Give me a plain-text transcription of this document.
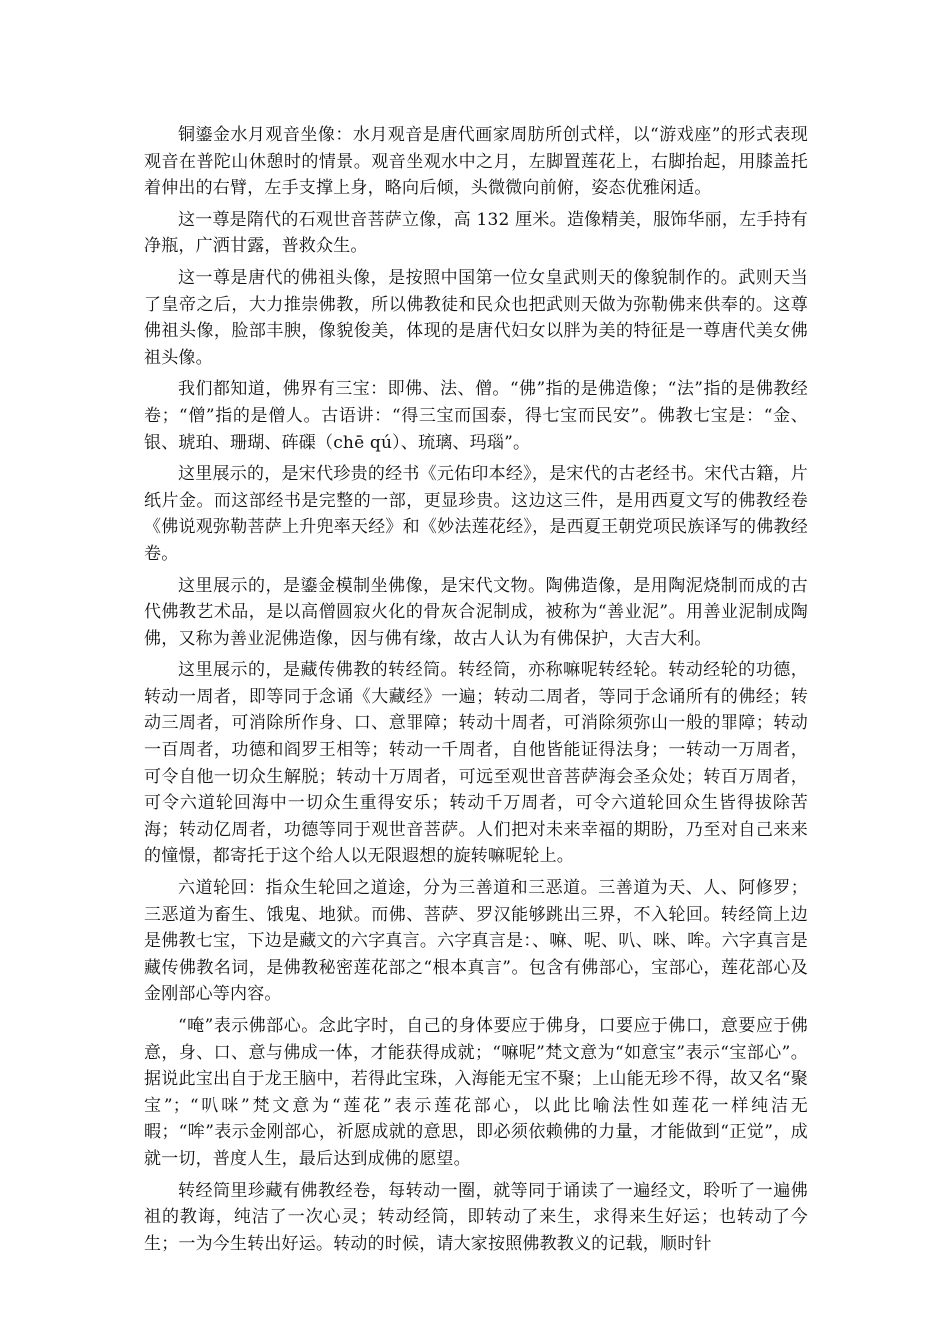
铜鎏金水月观音坐像：水月观音是唐代画家周肪所创式样，以“游戏座”的形式表现观音在普陀山休憩时的情景。观音坐观水中之月，左脚置莲花上，右脚抬起，用膝盖托着伸出的右臂，左手支撑上身，略向后倾，头微微向前俯，姿态优雅闲适。

这一尊是隋代的石观世音菩萨立像，高 132 厘米。造像精美，服饰华丽，左手持有净瓶，广洒甘露，普救众生。

这一尊是唐代的佛祖头像，是按照中国第一位女皇武则天的像貌制作的。武则天当了皇帝之后，大力推崇佛教，所以佛教徒和民众也把武则天做为弥勒佛来供奉的。这尊佛祖头像，脸部丰腴，像貌俊美，体现的是唐代妇女以胖为美的特征是一尊唐代美女佛祖头像。

我们都知道，佛界有三宝：即佛、法、僧。“佛”指的是佛造像；“法”指的是佛教经卷；“僧”指的是僧人。古语讲：“得三宝而国泰，得七宝而民安”。佛教七宝是：“金、银、琥珀、珊瑚、砗磲（chē qú）、琉璃、玛瑙”。

这里展示的，是宋代珍贵的经书《元佑印本经》，是宋代的古老经书。宋代古籍，片纸片金。而这部经书是完整的一部，更显珍贵。这边这三件，是用西夏文写的佛教经卷《佛说观弥勒菩萨上升兜率天经》和《妙法莲花经》，是西夏王朝党项民族译写的佛教经卷。

这里展示的，是鎏金模制坐佛像，是宋代文物。陶佛造像，是用陶泥烧制而成的古代佛教艺术品，是以高僧圆寂火化的骨灰合泥制成，被称为“善业泥”。用善业泥制成陶佛，又称为善业泥佛造像，因与佛有缘，故古人认为有佛保护，大吉大利。

这里展示的，是藏传佛教的转经筒。转经筒，亦称嘛呢转经轮。转动经轮的功德，转动一周者，即等同于念诵《大藏经》一遍；转动二周者，等同于念诵所有的佛经；转动三周者，可消除所作身、口、意罪障；转动十周者，可消除须弥山一般的罪障；转动一百周者，功德和阎罗王相等；转动一千周者，自他皆能证得法身；一转动一万周者，可令自他一切众生解脱；转动十万周者，可远至观世音菩萨海会圣众处；转百万周者，可令六道轮回海中一切众生重得安乐；转动千万周者，可令六道轮回众生皆得拔除苦海；转动亿周者，功德等同于观世音菩萨。人们把对未来幸福的期盼，乃至对自己来来的憧憬，都寄托于这个给人以无限遐想的旋转嘛呢轮上。

六道轮回：指众生轮回之道途，分为三善道和三恶道。三善道为天、人、阿修罗；三恶道为畜生、饿鬼、地狱。而佛、菩萨、罗汉能够跳出三界，不入轮回。转经筒上边是佛教七宝，下边是藏文的六字真言。六字真言是：、嘛、呢、叭、咪、哞。六字真言是藏传佛教名词，是佛教秘密莲花部之“根本真言”。包含有佛部心，宝部心，莲花部心及金刚部心等内容。

“唵”表示佛部心。念此字时，自己的身体要应于佛身，口要应于佛口，意要应于佛意，身、口、意与佛成一体，才能获得成就；“嘛呢”梵文意为“如意宝”表示“宝部心”。据说此宝出自于龙王脑中，若得此宝珠，入海能无宝不聚；上山能无珍不得，故又名“聚宝”；“叭咪”梵文意为“莲花”表示莲花部心，以此比喻法性如莲花一样纯洁无暇；“哞”表示金刚部心，祈愿成就的意思，即必须依赖佛的力量，才能做到“正觉”，成就一切，普度人生，最后达到成佛的愿望。

转经筒里珍藏有佛教经卷，每转动一圈，就等同于诵读了一遍经文，聆听了一遍佛祖的教诲，纯洁了一次心灵；转动经筒，即转动了来生，求得来生好运；也转动了今生；一为今生转出好运。转动的时候，请大家按照佛教教义的记载，顺时针
